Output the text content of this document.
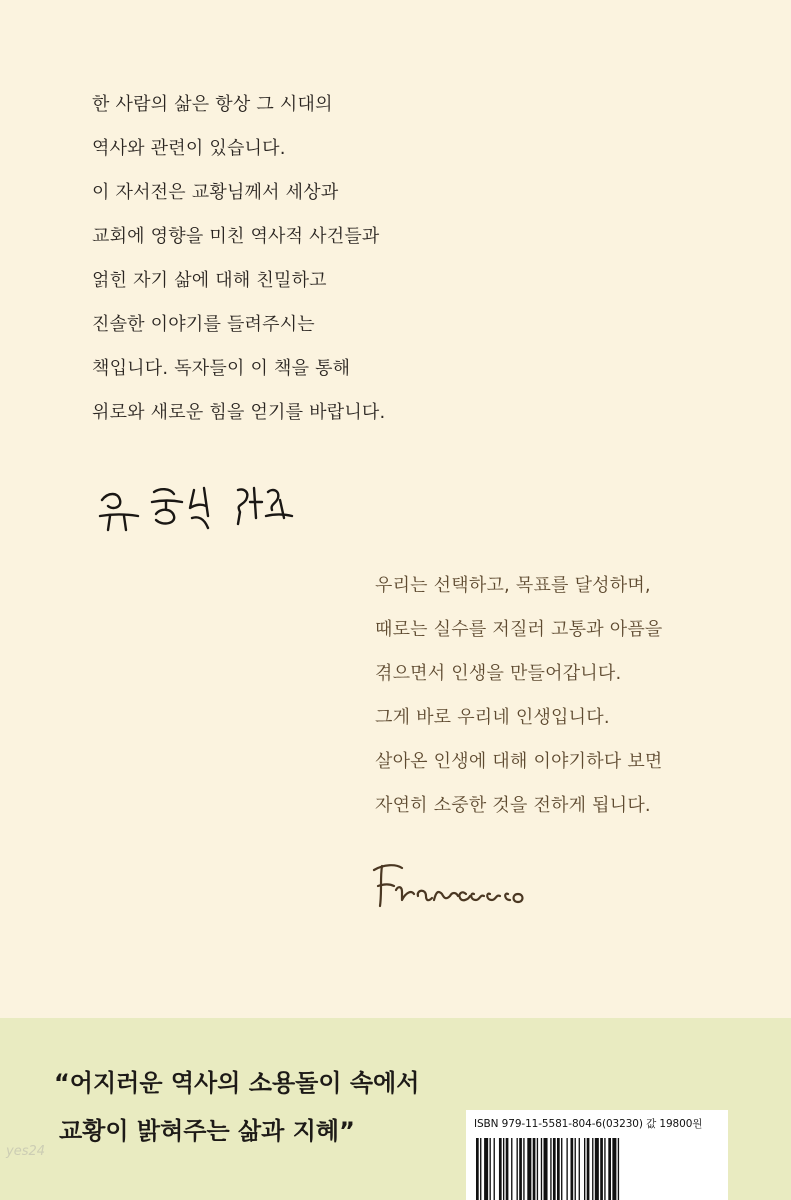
한 사람의 삶은 항상 그 시대의
역사와 관련이 있습니다.
이 자서전은 교황님께서 세상과
교회에 영향을 미친 역사적 사건들과
얽힌 자기 삶에 대해 친밀하고
진솔한 이야기를 들려주시는
책입니다. 독자들이 이 책을 통해
위로와 새로운 힘을 얻기를 바랍니다.
우리는 선택하고, 목표를 달성하며,
때로는 실수를 저질러 고통과 아픔을
겪으면서 인생을 만들어갑니다.
그게 바로 우리네 인생입니다.
살아온 인생에 대해 이야기하다 보면
자연히 소중한 것을 전하게 됩니다.
“어지러운 역사의 소용돌이 속에서
교황이 밝혀주는 삶과 지혜”	ISBN 979-11-5581-804-6(03230) 값 19800원
yes24
